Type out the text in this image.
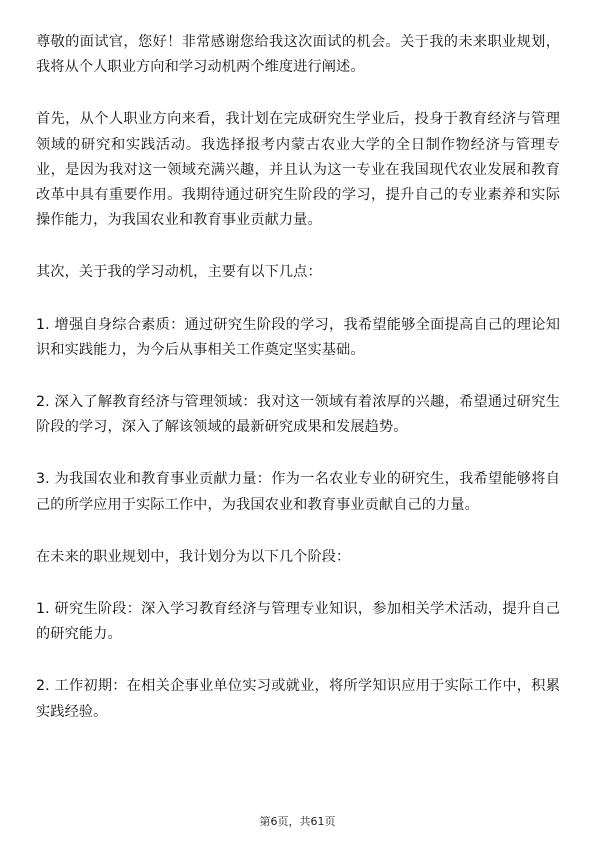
尊敬的面试官，您好！非常感谢您给我这次面试的机会。关于我的未来职业规划，我将从个人职业方向和学习动机两个维度进行阐述。

首先，从个人职业方向来看，我计划在完成研究生学业后，投身于教育经济与管理领域的研究和实践活动。我选择报考内蒙古农业大学的全日制作物经济与管理专业，是因为我对这一领域充满兴趣，并且认为这一专业在我国现代农业发展和教育改革中具有重要作用。我期待通过研究生阶段的学习，提升自己的专业素养和实际操作能力，为我国农业和教育事业贡献力量。

其次，关于我的学习动机，主要有以下几点：

1. 增强自身综合素质：通过研究生阶段的学习，我希望能够全面提高自己的理论知识和实践能力，为今后从事相关工作奠定坚实基础。

2. 深入了解教育经济与管理领域：我对这一领域有着浓厚的兴趣，希望通过研究生阶段的学习，深入了解该领域的最新研究成果和发展趋势。

3. 为我国农业和教育事业贡献力量：作为一名农业专业的研究生，我希望能够将自己的所学应用于实际工作中，为我国农业和教育事业贡献自己的力量。

在未来的职业规划中，我计划分为以下几个阶段：

1. 研究生阶段：深入学习教育经济与管理专业知识，参加相关学术活动，提升自己的研究能力。

2. 工作初期：在相关企事业单位实习或就业，将所学知识应用于实际工作中，积累实践经验。

第6页，共61页
